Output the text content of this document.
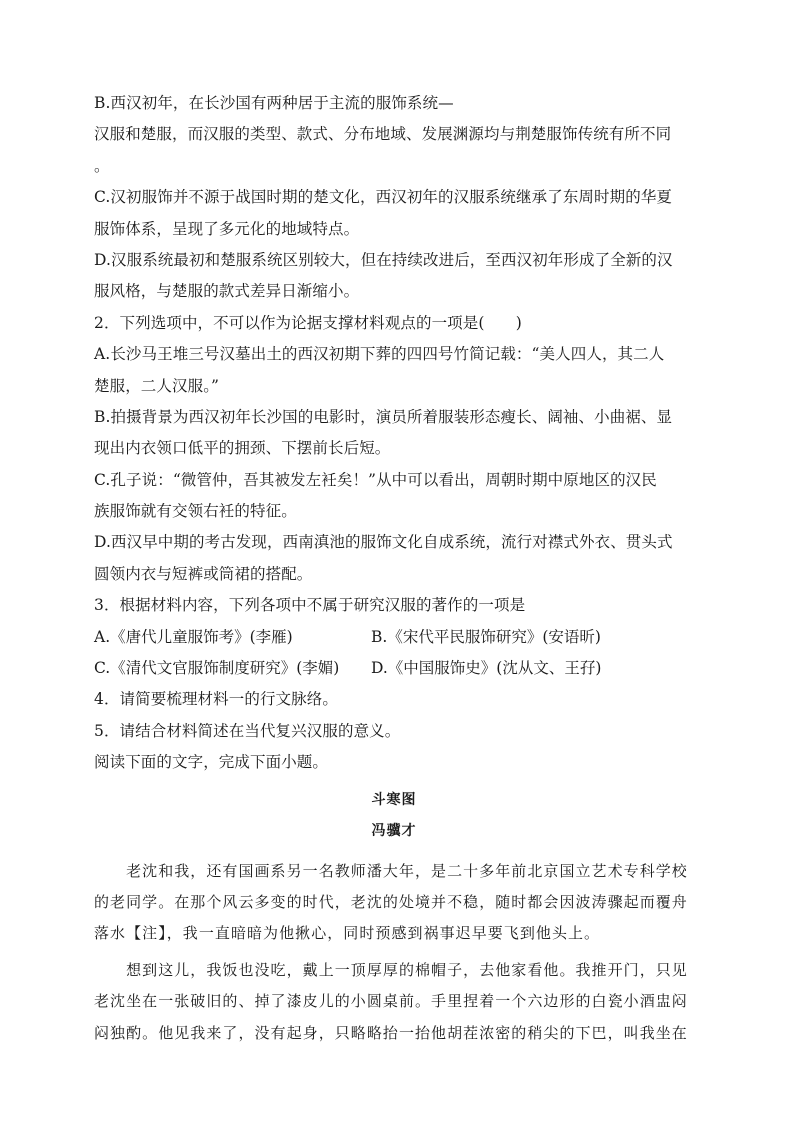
B.西汉初年，在长沙国有两种居于主流的服饰系统—
汉服和楚服，而汉服的类型、款式、分布地域、发展渊源均与荆楚服饰传统有所不同
。
C.汉初服饰并不源于战国时期的楚文化，西汉初年的汉服系统继承了东周时期的华夏
服饰体系，呈现了多元化的地域特点。
D.汉服系统最初和楚服系统区别较大，但在持续改进后，至西汉初年形成了全新的汉
服风格，与楚服的款式差异日渐缩小。
2．下列选项中，不可以作为论据支撑材料观点的一项是(　　)
A.长沙马王堆三号汉墓出土的西汉初期下葬的四四号竹简记载：“美人四人，其二人
楚服，二人汉服。”
B.拍摄背景为西汉初年长沙国的电影时，演员所着服装形态瘦长、阔袖、小曲裾、显
现出内衣领口低平的拥颈、下摆前长后短。
C.孔子说：“微管仲，吾其被发左衽矣！”从中可以看出，周朝时期中原地区的汉民
族服饰就有交领右衽的特征。
D.西汉早中期的考古发现，西南滇池的服饰文化自成系统，流行对襟式外衣、贯头式
圆领内衣与短裤或筒裙的搭配。
3．根据材料内容，下列各项中不属于研究汉服的著作的一项是
A.《唐代儿童服饰考》(李雁)	B.《宋代平民服饰研究》(安语昕)
C.《清代文官服饰制度研究》(李媚)	D.《中国服饰史》(沈从文、王孖)
4．请简要梳理材料一的行文脉络。
5．请结合材料简述在当代复兴汉服的意义。
阅读下面的文字，完成下面小题。
斗寒图
冯骥才
　　老沈和我，还有国画系另一名教师潘大年，是二十多年前北京国立艺术专科学校
的老同学。在那个风云多变的时代，老沈的处境并不稳，随时都会因波涛骤起而覆舟
落水【注】，我一直暗暗为他揪心，同时预感到祸事迟早要飞到他头上。
　　想到这儿，我饭也没吃，戴上一顶厚厚的棉帽子，去他家看他。我推开门，只见
老沈坐在一张破旧的、掉了漆皮儿的小圆桌前。手里捏着一个六边形的白瓷小酒盅闷
闷独酌。他见我来了，没有起身，只略略抬一抬他胡茬浓密的稍尖的下巴，叫我坐在
